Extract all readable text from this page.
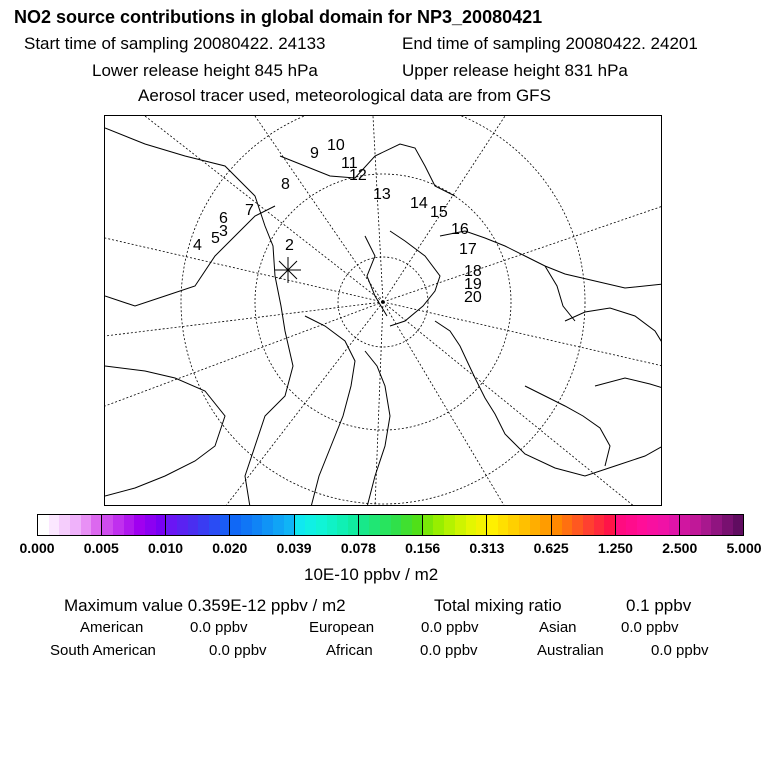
NO2 source contributions in global domain for NP3_20080421
Start time of sampling 20080422. 24133	End time of sampling 20080422. 24201
Lower release height 845 hPa	Upper release height 831 hPa
Aerosol tracer used, meteorological data are from GFS
2
4 5 3
6 7
8
9 10
11
12
13
14
15
16
17
18
19
20
0.000 0.005 0.010 0.020 0.039 0.078 0.156 0.313 0.625 1.250 2.500 5.000
10E-10 ppbv / m2
Maximum value 0.359E-12 ppbv / m2	Total mixing ratio	0.1 ppbv
American	0.0 ppbv	European	0.0 ppbv	Asian	0.0 ppbv
South American	0.0 ppbv	African	0.0 ppbv	Australian	0.0 ppbv
